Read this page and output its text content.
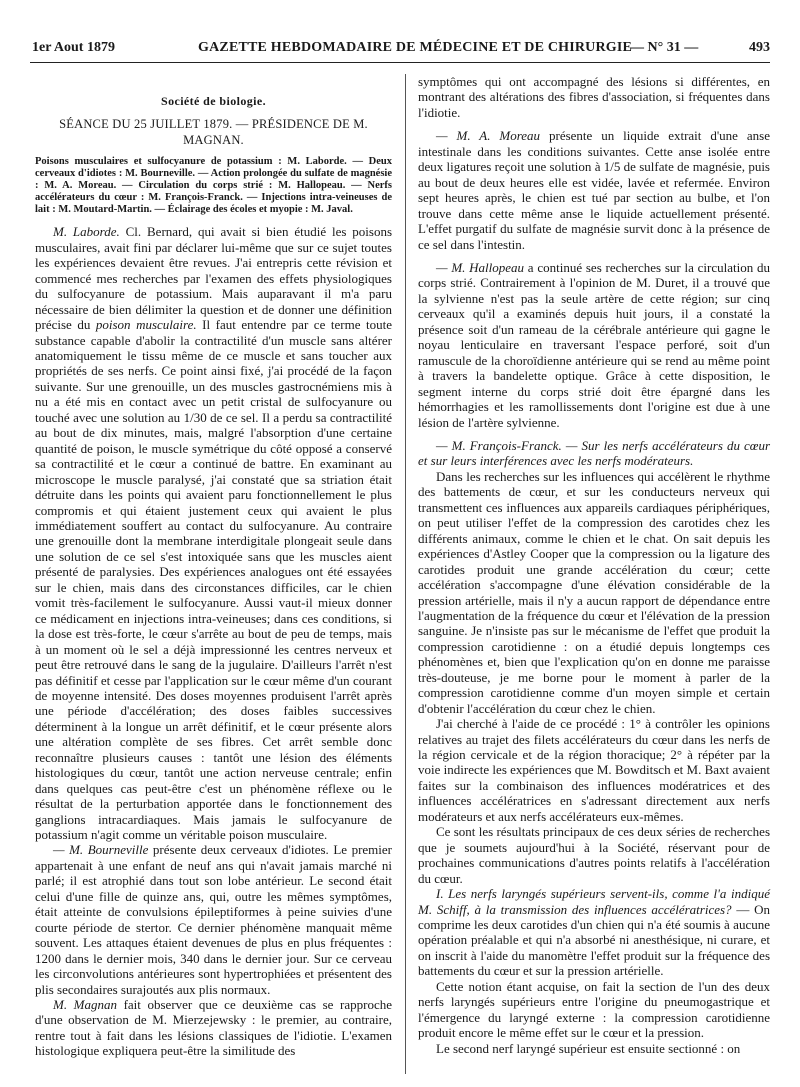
1er Aout 1879	GAZETTE HEBDOMADAIRE DE MÉDECINE ET DE CHIRURGIE
— N° 31 —	493

Société de biologie.

SÉANCE DU 25 JUILLET 1879. — PRÉSIDENCE DE M. MAGNAN.

Poisons musculaires et sulfocyanure de potassium : M. Laborde. — Deux cerveaux d'idiotes : M. Bourneville. — Action prolongée du sulfate de magnésie : M. A. Moreau. — Circulation du corps strié : M. Hallopeau. — Nerfs accélérateurs du cœur : M. François-Franck. — Injections intra-veineuses de lait : M. Moutard-Martin. — Éclairage des écoles et myopie : M. Javal.

M. Laborde. Cl. Bernard, qui avait si bien étudié les poisons musculaires, avait fini par déclarer lui-même que sur ce sujet toutes les expériences devaient être revues. J'ai entrepris cette révision et commencé mes recherches par l'examen des effets physiologiques du sulfocyanure de potassium. Mais auparavant il m'a paru nécessaire de bien délimiter la question et de donner une définition précise du poison musculaire. Il faut entendre par ce terme toute substance capable d'abolir la contractilité d'un muscle sans altérer anatomiquement le tissu même de ce muscle et sans toucher aux propriétés de ses nerfs. Ce point ainsi fixé, j'ai procédé de la façon suivante. Sur une grenouille, un des muscles gastrocnémiens mis à nu a été mis en contact avec un petit cristal de sulfocyanure ou touché avec une solution au 1/30 de ce sel. Il a perdu sa contractilité au bout de dix minutes, mais, malgré l'absorption d'une certaine quantité de poison, le muscle symétrique du côté opposé a conservé sa contractilité et le cœur a continué de battre. En examinant au microscope le muscle paralysé, j'ai constaté que sa striation était détruite dans les points qui avaient paru fonctionnellement le plus compromis et qui étaient justement ceux qui avaient le plus immédiatement souffert au contact du sulfocyanure. Au contraire une grenouille dont la membrane interdigitale plongeait seule dans une solution de ce sel s'est intoxiquée sans que les muscles aient présenté de paralysies. Des expériences analogues ont été essayées sur le chien, mais dans des circonstances difficiles, car le chien vomit très-facilement le sulfocyanure. Aussi vaut-il mieux donner ce médicament en injections intra-veineuses; dans ces conditions, si la dose est très-forte, le cœur s'arrête au bout de peu de temps, mais à un moment où le sel a déjà impressionné les centres nerveux et peut être retrouvé dans le sang de la jugulaire. D'ailleurs l'arrêt n'est pas définitif et cesse par l'application sur le cœur même d'un courant de moyenne intensité. Des doses moyennes produisent l'arrêt après une période d'accélération; des doses faibles successives déterminent à la longue un arrêt définitif, et le cœur présente alors une altération complète de ses fibres. Cet arrêt semble donc reconnaître plusieurs causes : tantôt une lésion des éléments histologiques du cœur, tantôt une action nerveuse centrale; enfin dans quelques cas peut-être c'est un phénomène réflexe ou le résultat de la perturbation apportée dans le fonctionnement des ganglions intracardiaques. Mais jamais le sulfocyanure de potassium n'agit comme un véritable poison musculaire.

— M. Bourneville présente deux cerveaux d'idiotes. Le premier appartenait à une enfant de neuf ans qui n'avait jamais marché ni parlé; il est atrophié dans tout son lobe antérieur. Le second était celui d'une fille de quinze ans, qui, outre les mêmes symptômes, était atteinte de convulsions épileptiformes à peine suivies d'une courte période de stertor. Ce dernier phénomène manquait même souvent. Les attaques étaient devenues de plus en plus fréquentes : 1200 dans le dernier mois, 340 dans le dernier jour. Sur ce cerveau les circonvolutions antérieures sont hypertrophiées et présentent des plis secondaires surajoutés aux plis normaux.

M. Magnan fait observer que ce deuxième cas se rapproche d'une observation de M. Mierzejewsky : le premier, au contraire, rentre tout à fait dans les lésions classiques de l'idiotie. L'examen histologique expliquera peut-être la similitude des

symptômes qui ont accompagné des lésions si différentes, en montrant des altérations des fibres d'association, si fréquentes dans l'idiotie.

— M. A. Moreau présente un liquide extrait d'une anse intestinale dans les conditions suivantes. Cette anse isolée entre deux ligatures reçoit une solution à 1/5 de sulfate de magnésie, puis au bout de deux heures elle est vidée, lavée et refermée. Environ sept heures après, le chien est tué par section au bulbe, et l'on trouve dans cette même anse le liquide actuellement présenté. L'effet purgatif du sulfate de magnésie survit donc à la présence de ce sel dans l'intestin.

— M. Hallopeau a continué ses recherches sur la circulation du corps strié. Contrairement à l'opinion de M. Duret, il a trouvé que la sylvienne n'est pas la seule artère de cette région; sur cinq cerveaux qu'il a examinés depuis huit jours, il a constaté la présence soit d'un rameau de la cérébrale antérieure qui gagne le noyau lenticulaire en traversant l'espace perforé, soit d'un ramuscule de la choroïdienne antérieure qui se rend au même point à travers la bandelette optique. Grâce à cette disposition, le segment interne du corps strié doit être épargné dans les hémorrhagies et les ramollissements dont l'origine est due à une lésion de l'artère sylvienne.

— M. François-Franck. — Sur les nerfs accélérateurs du cœur et sur leurs interférences avec les nerfs modérateurs.

Dans les recherches sur les influences qui accélèrent le rhythme des battements de cœur, et sur les conducteurs nerveux qui transmettent ces influences aux appareils cardiaques périphériques, on peut utiliser l'effet de la compression des carotides chez les différents animaux, comme le chien et le chat. On sait depuis les expériences d'Astley Cooper que la compression ou la ligature des carotides produit une grande accélération du cœur; cette accélération s'accompagne d'une élévation considérable de la pression artérielle, mais il n'y a aucun rapport de dépendance entre l'augmentation de la fréquence du cœur et l'élévation de la pression sanguine. Je n'insiste pas sur le mécanisme de l'effet que produit la compression carotidienne : on a étudié depuis longtemps ces phénomènes et, bien que l'explication qu'on en donne me paraisse très-douteuse, je me borne pour le moment à parler de la compression carotidienne comme d'un moyen simple et certain d'obtenir l'accélération du cœur chez le chien.

J'ai cherché à l'aide de ce procédé : 1° à contrôler les opinions relatives au trajet des filets accélérateurs du cœur dans les nerfs de la région cervicale et de la région thoracique; 2° à répéter par la voie indirecte les expériences que M. Bowditsch et M. Baxt avaient faites sur la combinaison des influences modératrices et des influences accélératrices en s'adressant directement aux nerfs modérateurs et aux nerfs accélérateurs eux-mêmes.

Ce sont les résultats principaux de ces deux séries de recherches que je soumets aujourd'hui à la Société, réservant pour de prochaines communications d'autres points relatifs à l'accélération du cœur.

I. Les nerfs laryngés supérieurs servent-ils, comme l'a indiqué M. Schiff, à la transmission des influences accélératrices? — On comprime les deux carotides d'un chien qui n'a été soumis à aucune opération préalable et qui n'a absorbé ni anesthésique, ni curare, et on inscrit à l'aide du manomètre l'effet produit sur la fréquence des battements du cœur et sur la pression artérielle.

Cette notion étant acquise, on fait la section de l'un des deux nerfs laryngés supérieurs entre l'origine du pneumogastrique et l'émergence du laryngé externe : la compression carotidienne produit encore le même effet sur le cœur et la pression.

Le second nerf laryngé supérieur est ensuite sectionné : on
